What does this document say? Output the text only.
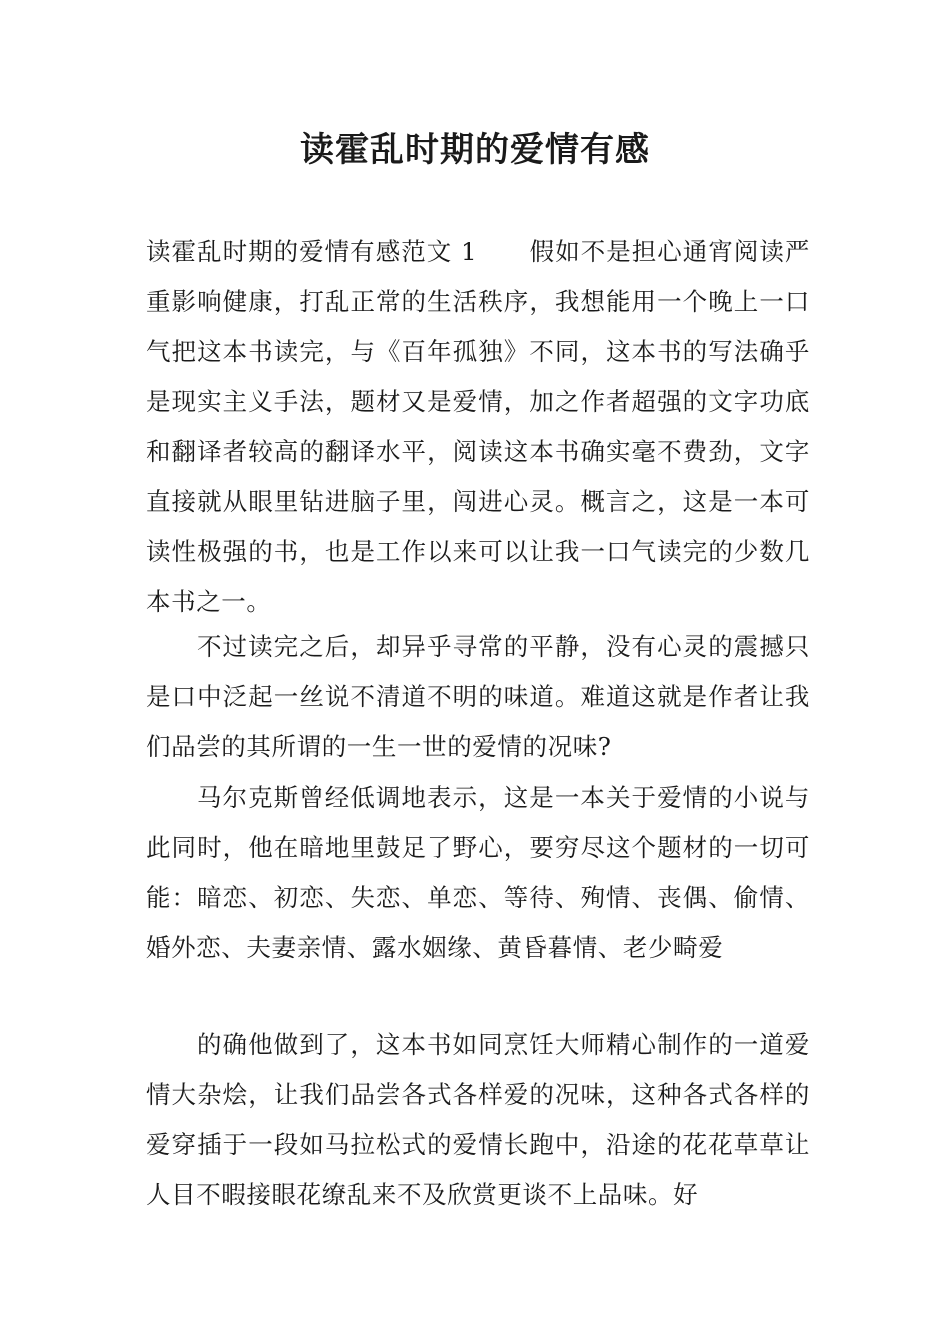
读霍乱时期的爱情有感

读霍乱时期的爱情有感范文 1 假如不是担心通宵阅读严重影响健康，打乱正常的生活秩序，我想能用一个晚上一口气把这本书读完，与《百年孤独》不同，这本书的写法确乎是现实主义手法，题材又是爱情，加之作者超强的文字功底和翻译者较高的翻译水平，阅读这本书确实毫不费劲，文字直接就从眼里钻进脑子里，闯进心灵。概言之，这是一本可读性极强的书，也是工作以来可以让我一口气读完的少数几本书之一。

不过读完之后，却异乎寻常的平静，没有心灵的震撼只是口中泛起一丝说不清道不明的味道。难道这就是作者让我们品尝的其所谓的一生一世的爱情的况味?

马尔克斯曾经低调地表示，这是一本关于爱情的小说与此同时，他在暗地里鼓足了野心，要穷尽这个题材的一切可能：暗恋、初恋、失恋、单恋、等待、殉情、丧偶、偷情、婚外恋、夫妻亲情、露水姻缘、黄昏暮情、老少畸爱

的确他做到了，这本书如同烹饪大师精心制作的一道爱情大杂烩，让我们品尝各式各样爱的况味，这种各式各样的爱穿插于一段如马拉松式的爱情长跑中，沿途的花花草草让人目不暇接眼花缭乱来不及欣赏更谈不上品味。好
